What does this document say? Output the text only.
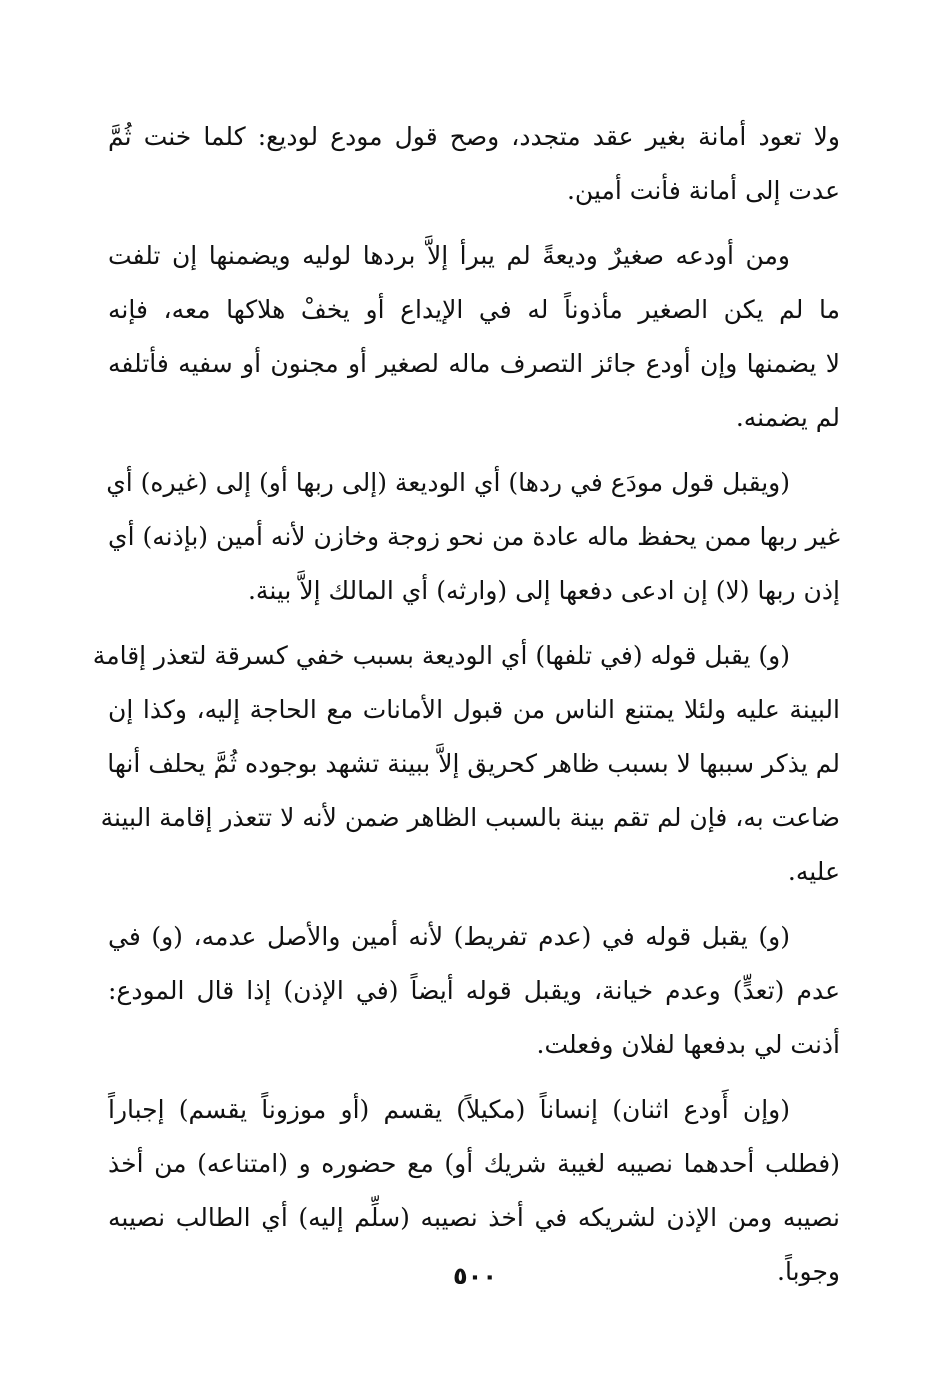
ولا تعود أمانة بغير عقد متجدد، وصح قول مودع لوديع: كلما خنت ثُمَّ
عدت إلى أمانة فأنت أمين.

ومن أودعه صغيرٌ وديعةً لم يبرأ إلاَّ بردها لوليه ويضمنها إن تلفت
ما لم يكن الصغير مأذوناً له في الإيداع أو يخفْ هلاكها معه، فإنه
لا يضمنها وإن أودع جائز التصرف ماله لصغير أو مجنون أو سفيه فأتلفه
لم يضمنه.

(ويقبل قول مودَع في ردها) أي الوديعة (إلى ربها أو) إلى (غيره) أي
غير ربها ممن يحفظ ماله عادة من نحو زوجة وخازن لأنه أمين (بإذنه) أي
إذن ربها (لا) إن ادعى دفعها إلى (وارثه) أي المالك إلاَّ بينة.

(و) يقبل قوله (في تلفها) أي الوديعة بسبب خفي كسرقة لتعذر إقامة
البينة عليه ولئلا يمتنع الناس من قبول الأمانات مع الحاجة إليه، وكذا إن
لم يذكر سببها لا بسبب ظاهر كحريق إلاَّ ببينة تشهد بوجوده ثُمَّ يحلف أنها
ضاعت به، فإن لم تقم بينة بالسبب الظاهر ضمن لأنه لا تتعذر إقامة البينة
عليه.

(و) يقبل قوله في (عدم تفريط) لأنه أمين والأصل عدمه، (و) في
عدم (تعدٍّ) وعدم خيانة، ويقبل قوله أيضاً (في الإذن) إذا قال المودع:
أذنت لي بدفعها لفلان وفعلت.

(وإن أَودع اثنان) إنساناً (مكيلاً) يقسم (أو موزوناً يقسم) إجباراً
(فطلب أحدهما نصيبه لغيبة شريك أو) مع حضوره و (امتناعه) من أخذ
نصيبه ومن الإذن لشريكه في أخذ نصيبه (سلِّم إليه) أي الطالب نصيبه
وجوباً.

٥٠٠
